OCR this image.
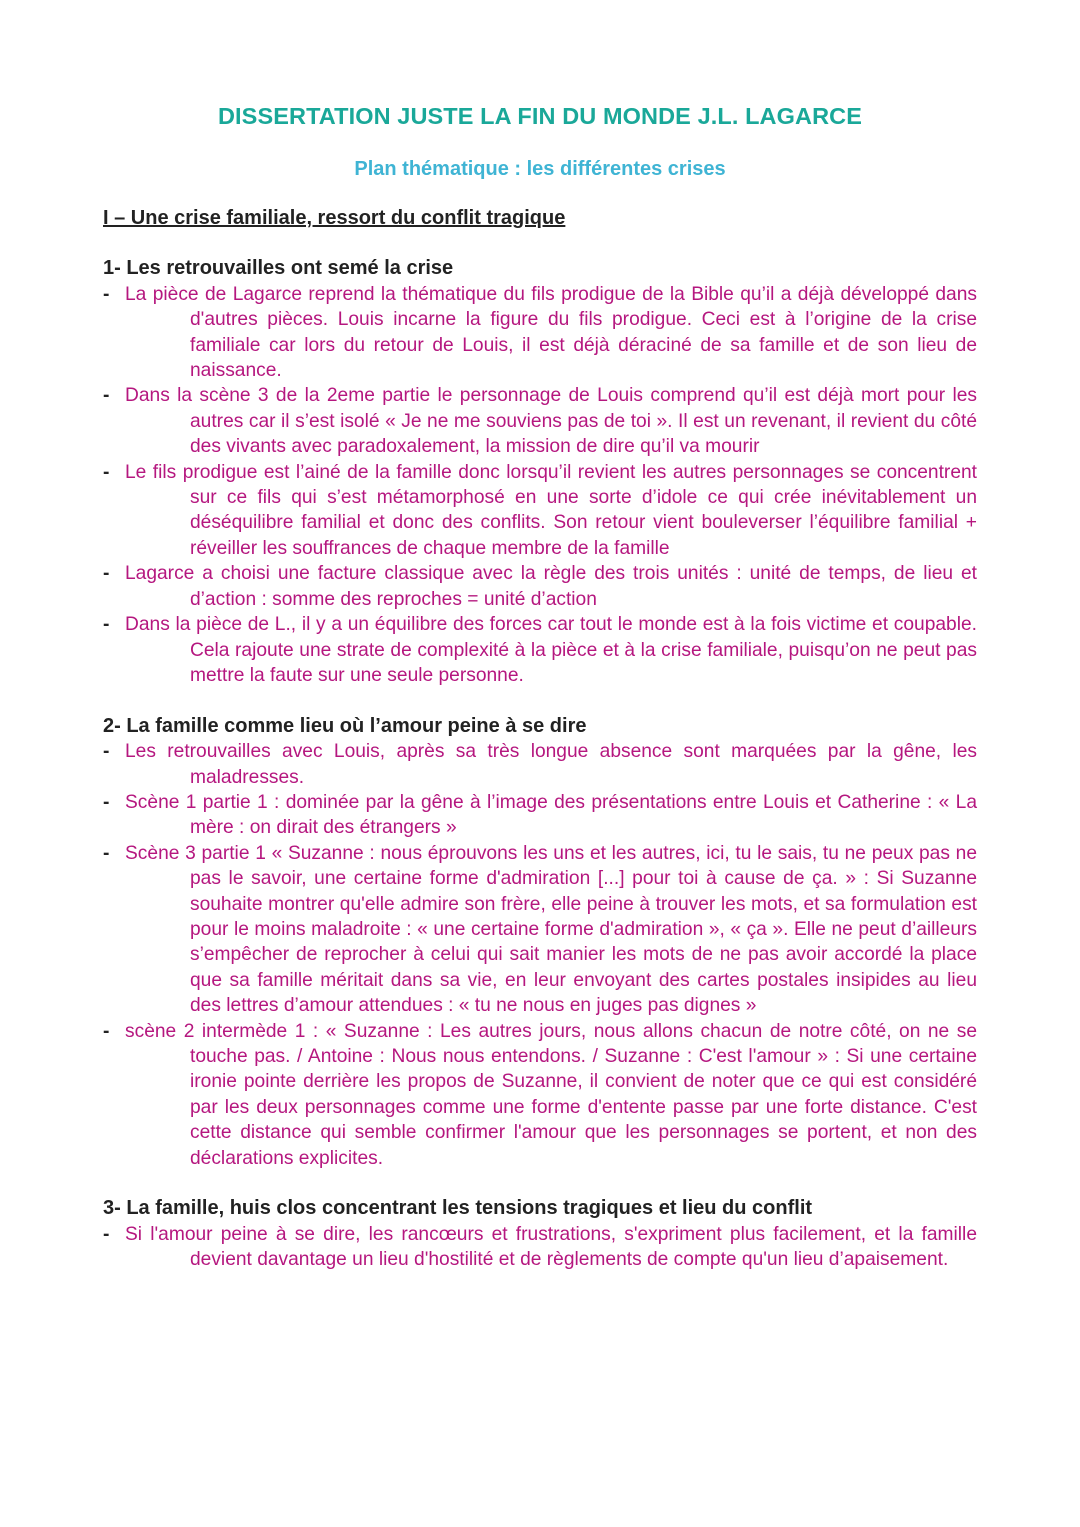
DISSERTATION JUSTE LA FIN DU MONDE J.L. LAGARCE
Plan thématique : les différentes crises
I – Une crise familiale, ressort du conflit tragique
1- Les retrouvailles ont semé la crise
- La pièce de Lagarce reprend la thématique du fils prodigue de la Bible qu’il a déjà développé dans d'autres pièces. Louis incarne la figure du fils prodigue. Ceci est à l’origine de la crise familiale car lors du retour de Louis, il est déjà déraciné de sa famille et de son lieu de naissance.
- Dans la scène 3 de la 2eme partie le personnage de Louis comprend qu’il est déjà mort pour les autres car il s’est isolé « Je ne me souviens pas de toi ». Il est un revenant, il revient du côté des vivants avec paradoxalement, la mission de dire qu’il va mourir
- Le fils prodigue est l’ainé de la famille donc lorsqu’il revient les autres personnages se concentrent sur ce fils qui s’est métamorphosé en une sorte d’idole ce qui crée inévitablement un déséquilibre familial et donc des conflits. Son retour vient bouleverser l’équilibre familial + réveiller les souffrances de chaque membre de la famille
- Lagarce a choisi une facture classique avec la règle des trois unités : unité de temps, de lieu et d’action : somme des reproches = unité d’action
- Dans la pièce de L., il y a un équilibre des forces car tout le monde est à la fois victime et coupable. Cela rajoute une strate de complexité à la pièce et à la crise familiale, puisqu’on ne peut pas mettre la faute sur une seule personne.
2- La famille comme lieu où l’amour peine à se dire
- Les retrouvailles avec Louis, après sa très longue absence sont marquées par la gêne, les maladresses.
- Scène 1 partie 1 : dominée par la gêne à l’image des présentations entre Louis et Catherine : « La mère : on dirait des étrangers »
- Scène 3 partie 1 « Suzanne : nous éprouvons les uns et les autres, ici, tu le sais, tu ne peux pas ne pas le savoir, une certaine forme d'admiration [...] pour toi à cause de ça. » : Si Suzanne souhaite montrer qu'elle admire son frère, elle peine à trouver les mots, et sa formulation est pour le moins maladroite : « une certaine forme d'admiration », « ça ». Elle ne peut d’ailleurs s’empêcher de reprocher à celui qui sait manier les mots de ne pas avoir accordé la place que sa famille méritait dans sa vie, en leur envoyant des cartes postales insipides au lieu des lettres d’amour attendues : « tu ne nous en juges pas dignes »
- scène 2 intermède 1 : « Suzanne : Les autres jours, nous allons chacun de notre côté, on ne se touche pas. / Antoine : Nous nous entendons. / Suzanne : C'est l'amour » : Si une certaine ironie pointe derrière les propos de Suzanne, il convient de noter que ce qui est considéré par les deux personnages comme une forme d'entente passe par une forte distance. C'est cette distance qui semble confirmer l'amour que les personnages se portent, et non des déclarations explicites.
3- La famille, huis clos concentrant les tensions tragiques et lieu du conflit
- Si l'amour peine à se dire, les rancœurs et frustrations, s'expriment plus facilement, et la famille devient davantage un lieu d'hostilité et de règlements de compte qu'un lieu d’apaisement.
